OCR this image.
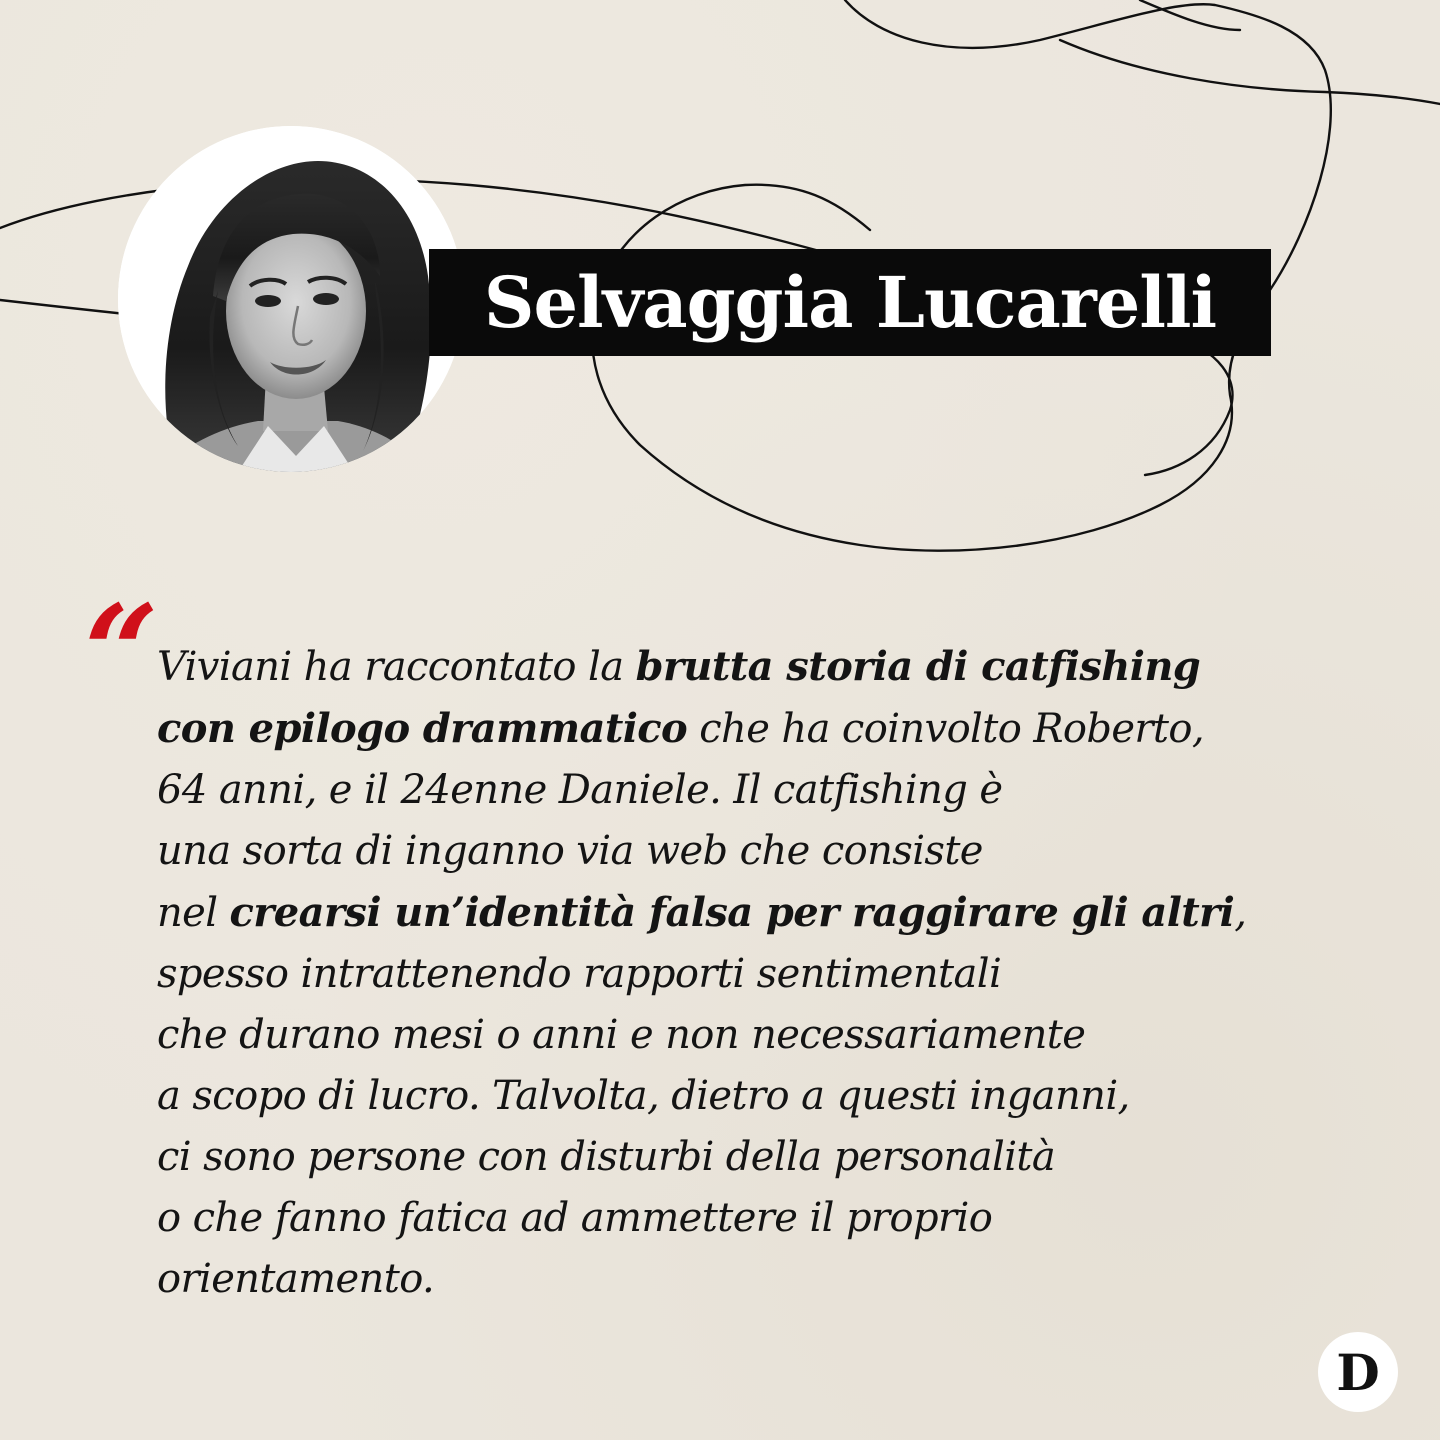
Selvaggia Lucarelli
“
Viviani ha raccontato la brutta storia di catfishing
con epilogo drammatico che ha coinvolto Roberto,
64 anni, e il 24enne Daniele. Il catfishing è
una sorta di inganno via web che consiste
nel crearsi un’identità falsa per raggirare gli altri,
spesso intrattenendo rapporti sentimentali
che durano mesi o anni e non necessariamente
a scopo di lucro. Talvolta, dietro a questi inganni,
ci sono persone con disturbi della personalità
o che fanno fatica ad ammettere il proprio
orientamento.
D
